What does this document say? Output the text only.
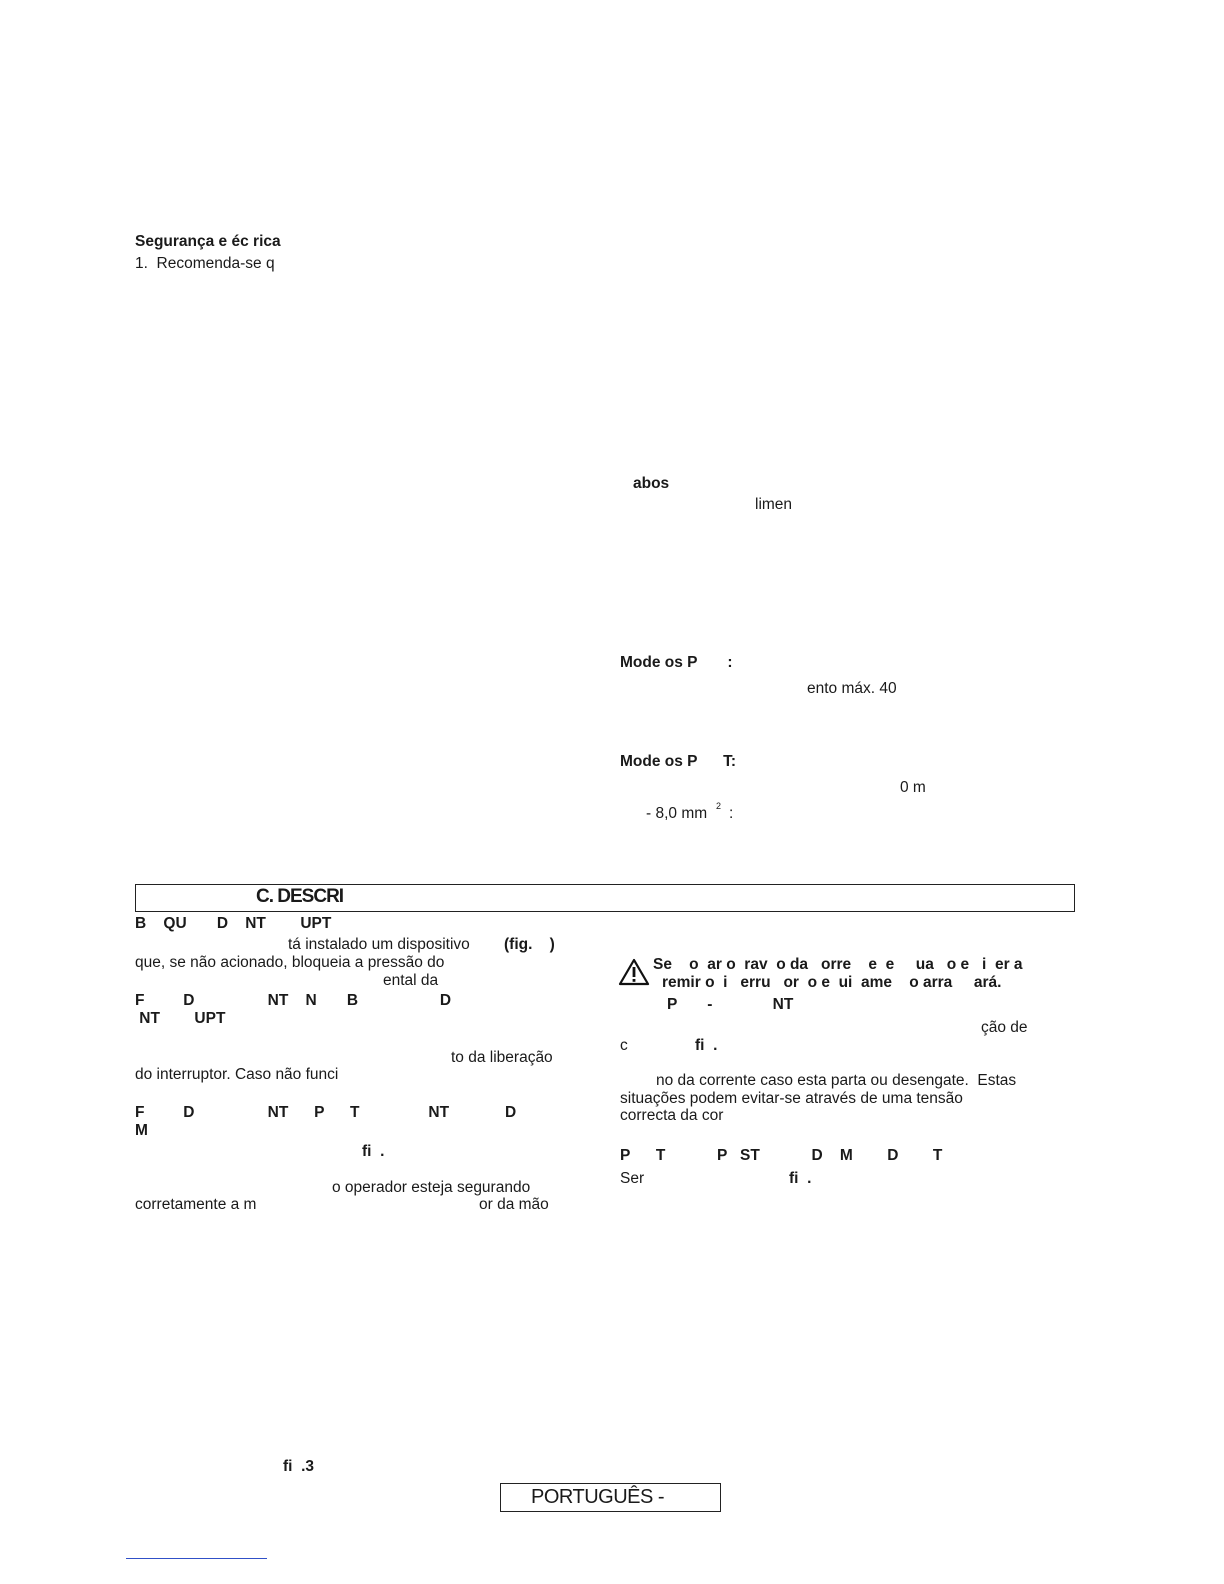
Segurança e éc rica
1.  Recomenda-se q
abos
limen
Mode os P       :
ento máx. 40
Mode os P      T:
0 m
- 8,0 mm 2 :
C. DESCRI
B    QU       D    NT        UPT
tá instalado um dispositivo (fig.    )
que, se não acionado, bloqueia a pressão do
ental da
F         D                 NT    N       B                   D
NT        UPT
to da liberação
do interruptor. Caso não funci
F         D                 NT      P      T                NT             D
M
fi  .
o operador esteja segurando
corretamente a m	or da mão
fi  .3
Se    o  ar o  rav  o da   orre    e  e     ua   o e   i  er a
remir o  i   erru   or  o e  ui  ame    o arra     ará.
P       -              NT
ção de
c	fi  .
no da corrente caso esta parta ou desengate.  Estas
situações podem evitar-se através de uma tensão
correcta da cor
P      T            P   ST            D    M        D        T
Ser	fi  .
PORTUGUÊS -
